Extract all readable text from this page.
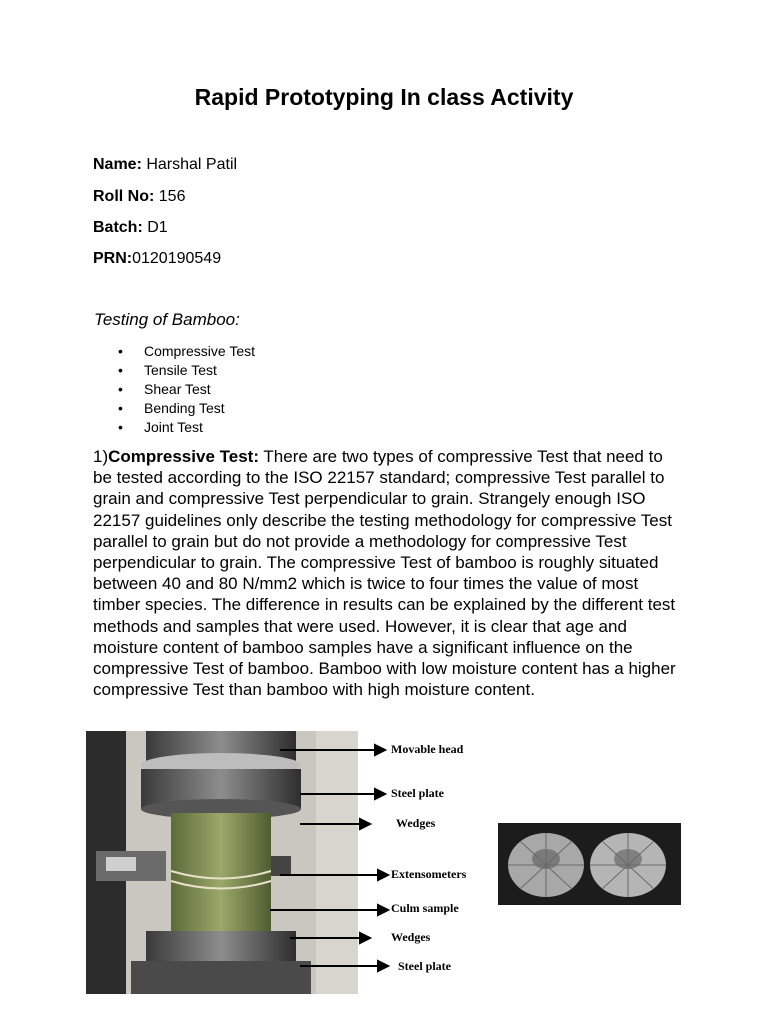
Rapid Prototyping In class Activity
Name: Harshal Patil
Roll No: 156
Batch: D1
PRN:0120190549
Testing of Bamboo:
• Compressive Test
• Tensile Test
• Shear Test
• Bending Test
• Joint Test
1)Compressive Test: There are two types of compressive Test that need to be tested according to the ISO 22157 standard; compressive Test parallel to grain and compressive Test perpendicular to grain. Strangely enough ISO 22157 guidelines only describe the testing methodology for compressive Test parallel to grain but do not provide a methodology for compressive Test perpendicular to grain. The compressive Test of bamboo is roughly situated between 40 and 80 N/mm2 which is twice to four times the value of most timber species. The difference in results can be explained by the different test methods and samples that were used. However, it is clear that age and moisture content of bamboo samples have a significant influence on the compressive Test of bamboo. Bamboo with low moisture content has a higher compressive Test than bamboo with high moisture content.
Movable head
Steel plate
Wedges
Extensometers
Culm sample
Wedges
Steel plate
